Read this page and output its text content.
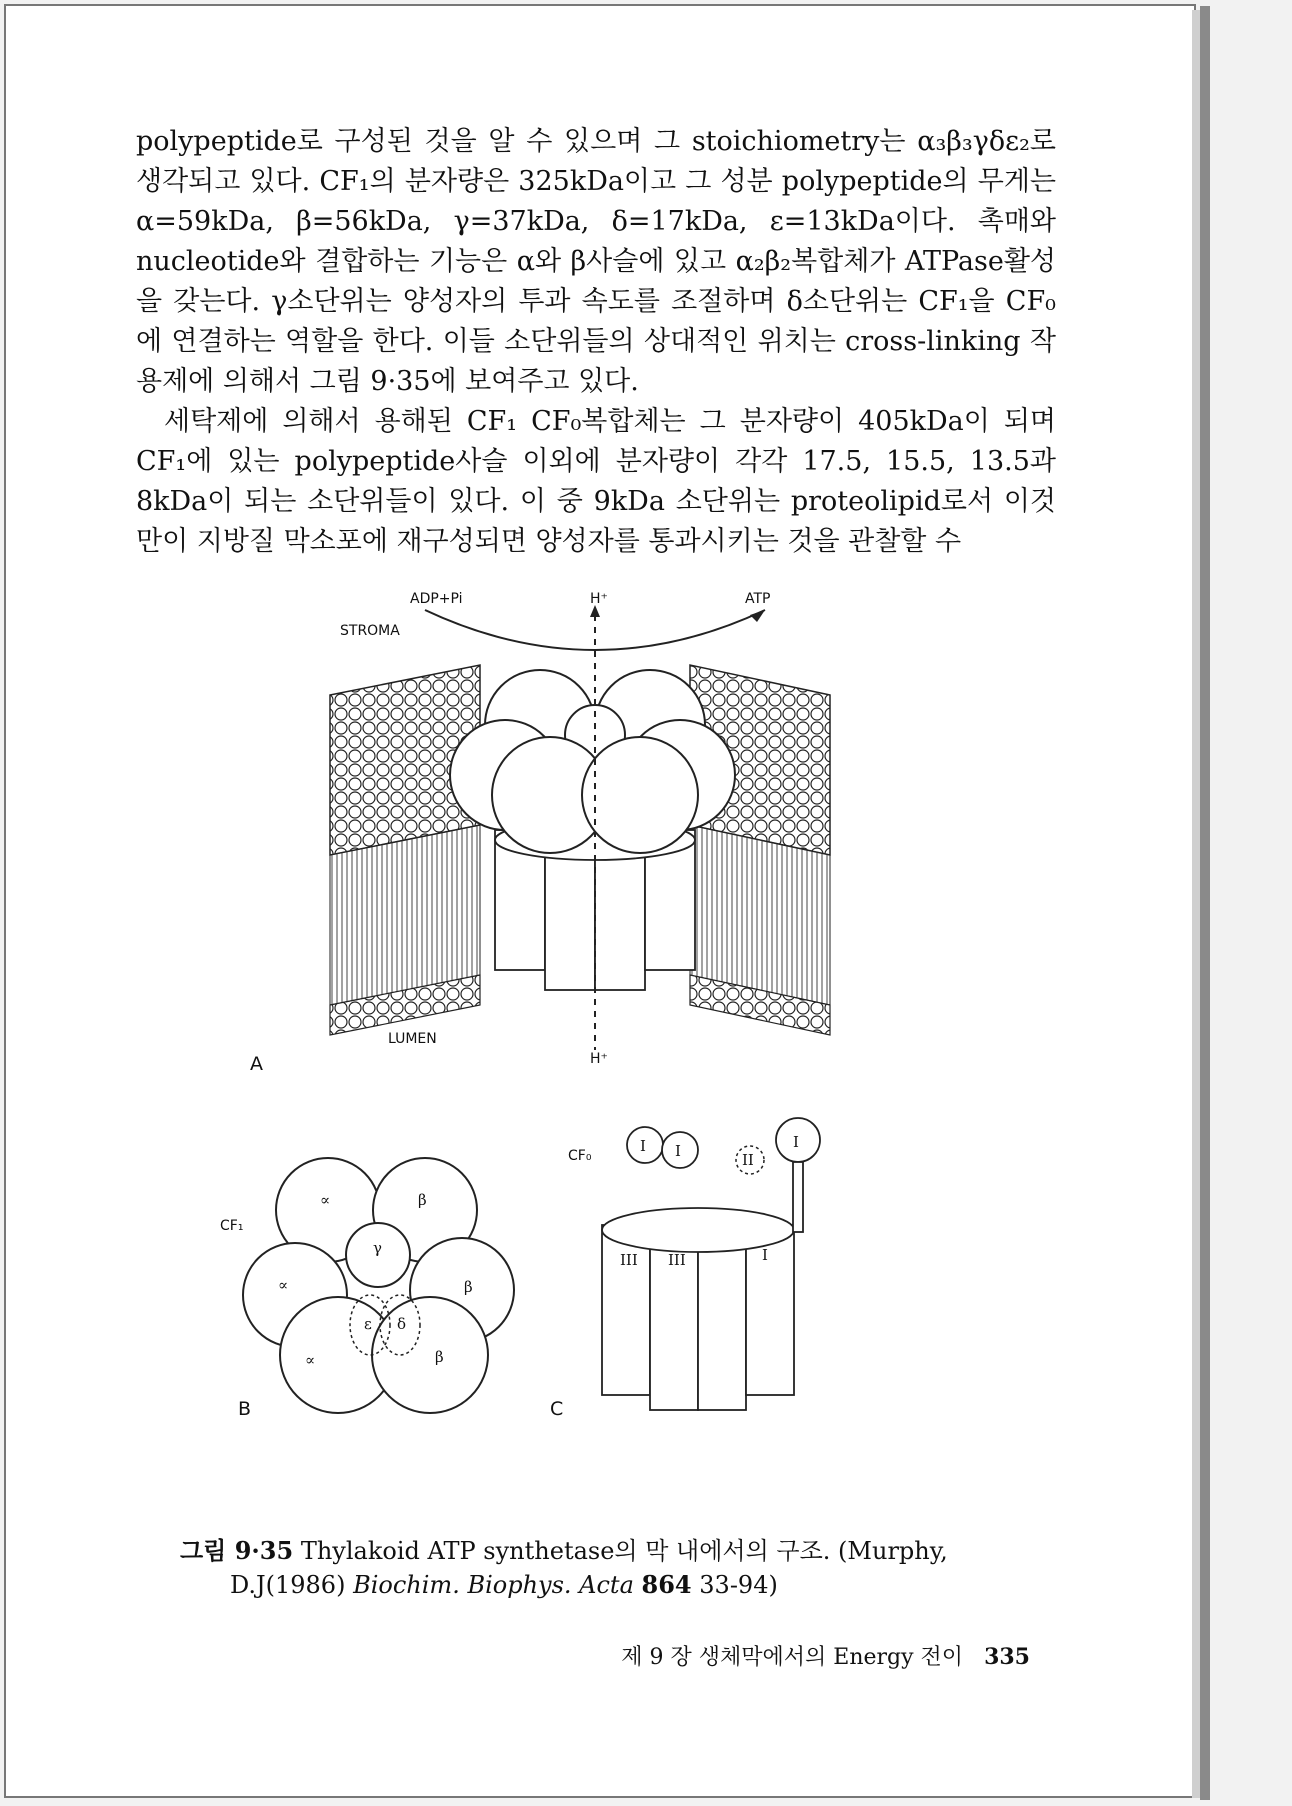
polypeptide로 구성된 것을 알 수 있으며 그 stoichiometry는 α₃β₃γδε₂로 생각되고 있다. CF₁의 분자량은 325kDa이고 그 성분 polypeptide의 무게는 α=59kDa, β=56kDa, γ=37kDa, δ=17kDa, ε=13kDa이다. 촉매와 nucleotide와 결합하는 기능은 α와 β사슬에 있고 α₂β₂복합체가 ATPase활성을 갖는다. γ소단위는 양성자의 투과 속도를 조절하며 δ소단위는 CF₁을 CF₀에 연결하는 역할을 한다. 이들 소단위들의 상대적인 위치는 cross-linking 작용제에 의해서 그림 9·35에 보여주고 있다.

세탁제에 의해서 용해된 CF₁ CF₀복합체는 그 분자량이 405kDa이 되며 CF₁에 있는 polypeptide사슬 이외에 분자량이 각각 17.5, 15.5, 13.5과 8kDa이 되는 소단위들이 있다. 이 중 9kDa 소단위는 proteolipid로서 이것만이 지방질 막소포에 재구성되면 양성자를 통과시키는 것을 관찰할 수

ADP+Pi	H⁺	ATP
STROMA
LUMEN
H⁺
A
CF₁
∝	β
∝	β
γ
ε δ
∝	β
B
CF₀
I I	I
II
III III	I
C
그림 9·35 Thylakoid ATP synthetase의 막 내에서의 구조. (Murphy,
D.J(1986) Biochim. Biophys. Acta 864 33-94)
제 9 장 생체막에서의 Energy 전이 335
